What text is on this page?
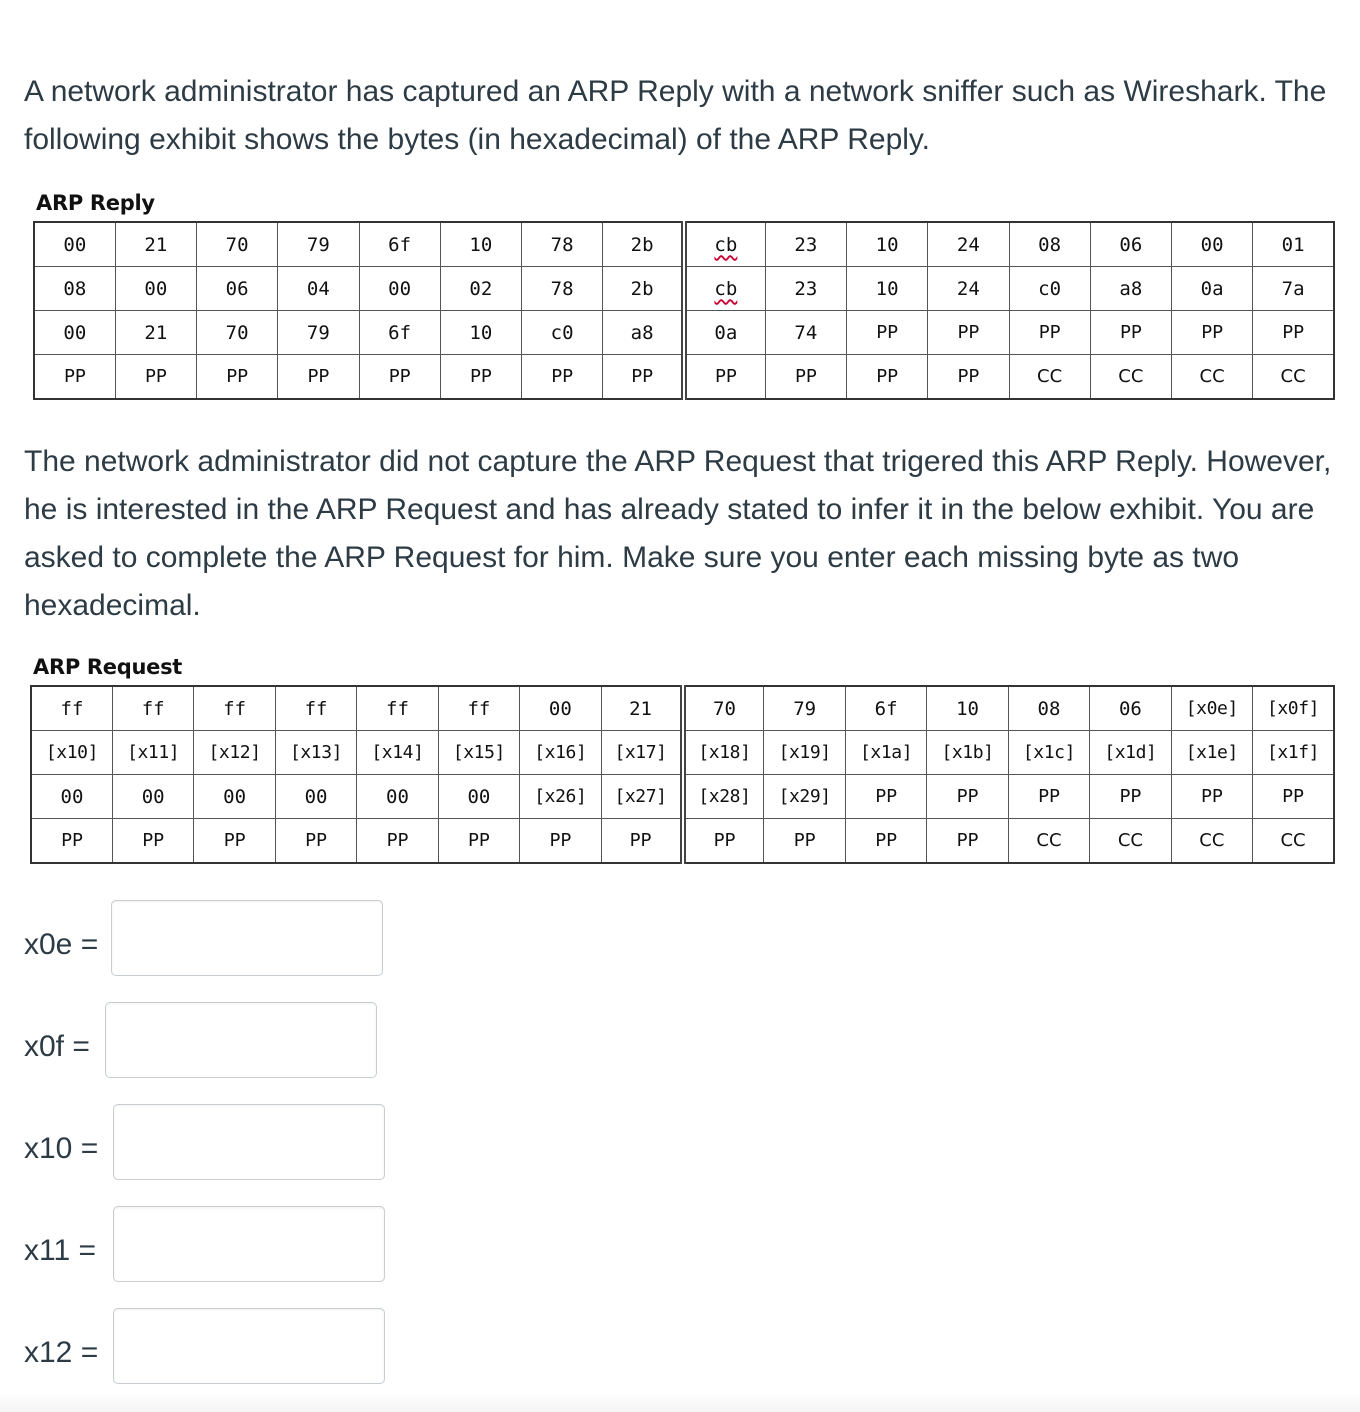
A network administrator has captured an ARP Reply with a network sniffer such as Wireshark. The following exhibit shows the bytes (in hexadecimal) of the ARP Reply.

ARP Reply
00	21	70	79	6f	10	78	2b	cb	23	10	24	08	06	00	01
08	00	06	04	00	02	78	2b	cb	23	10	24	c0	a8	0a	7a
00	21	70	79	6f	10	c0	a8	0a	74	PP	PP	PP	PP	PP	PP
PP	PP	PP	PP	PP	PP	PP	PP	PP	PP	PP	PP	CC	CC	CC	CC

The network administrator did not capture the ARP Request that trigered this ARP Reply. However, he is interested in the ARP Request and has already stated to infer it in the below exhibit. You are asked to complete the ARP Request for him. Make sure you enter each missing byte as two hexadecimal.

ARP Request
ff	ff	ff	ff	ff	ff	00	21	70	79	6f	10	08	06	[x0e]	[x0f]
[x10]	[x11]	[x12]	[x13]	[x14]	[x15]	[x16]	[x17]	[x18]	[x19]	[x1a]	[x1b]	[x1c]	[x1d]	[x1e]	[x1f]
00	00	00	00	00	00	[x26]	[x27]	[x28]	[x29]	PP	PP	PP	PP	PP	PP
PP	PP	PP	PP	PP	PP	PP	PP	PP	PP	PP	PP	CC	CC	CC	CC
x0e =
x0f =
x10 =
x11 =
x12 =
